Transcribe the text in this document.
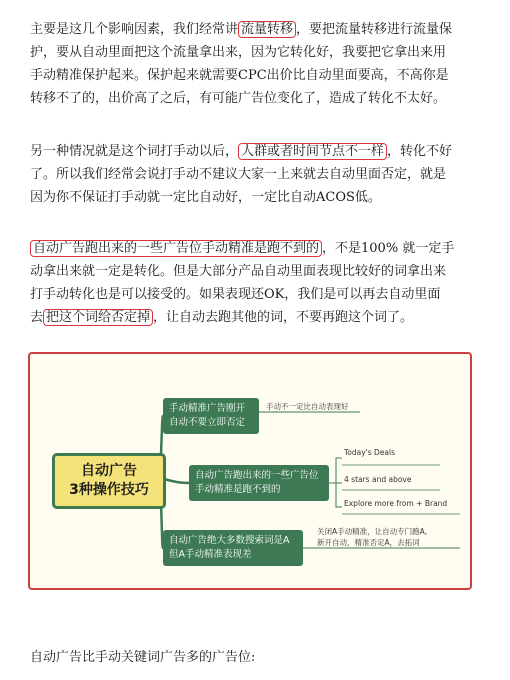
主要是这几个影响因素，我们经常讲 流量转移 ，要把流量转移进行流量保
护，要从自动里面把这个流量拿出来，因为它转化好，我要把它拿出来用
手动精准保护起来。保护起来就需要CPC出价比自动里面要高，不高你是
转移不了的，出价高了之后，有可能广告位变化了，造成了转化不太好。

另一种情况就是这个词打手动以后， 人群或者时间节点不一样 ，转化不好
了。所以我们经常会说打手动不建议大家一上来就去自动里面否定，就是
因为你不保证打手动就一定比自动好，一定比自动ACOS低。

自动广告跑出来的一些广告位手动精准是跑不到的 ，不是100% 就一定手
动拿出来就一定是转化。但是大部分产品自动里面表现比较好的词拿出来
打手动转化也是可以接受的。如果表现还OK，我们是可以再去自动里面
去 把这个词给否定掉 ，让自动去跑其他的词，不要再跑这个词了。

自动广告
3种操作技巧
手动精准广告刚开
自动不要立即否定
手动不一定比自动表现好
自动广告跑出来的一些广告位
手动精准是跑不到的
Today's Deals
4 stars and above
Explore more from + Brand
自动广告绝大多数搜索词是A
但A手动精准表现差
关闭A手动精准，让自动专门跑A,
新开自动，精准否定A，去拓词

自动广告比手动关键词广告多的广告位:
